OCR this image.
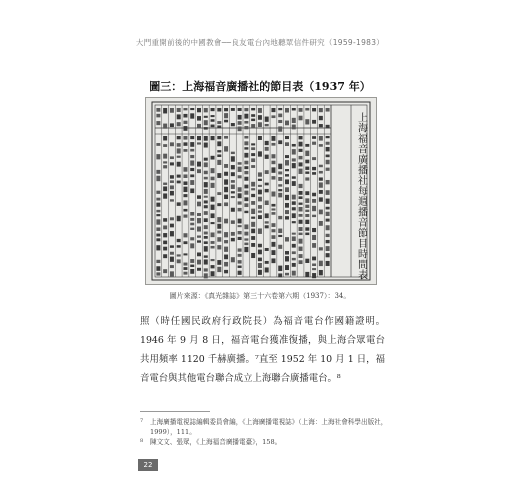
大門重開前後的中國教會──良友電台內地聽眾信件研究（1959-1983）
圖三：上海福音廣播社的節目表（1937 年）
上海福音廣播社每週播音節目時間表
圖片來源：《真光雜誌》第三十六卷第六期（1937）：34。

照（時任國民政府行政院長）為福音電台作國籍證明。1946 年 9 月 8 日，福音電台獲准復播，與上海合眾電台共用頻率 1120 千赫廣播。⁷直至 1952 年 10 月 1 日，福音電台與其他電台聯合成立上海聯合廣播電台。⁸

7	上海廣播電視誌編輯委員會編，《上海廣播電視誌》（上海：上海社會科學出版社，1999），111。
8	陳文文、張眾，《上海福音廣播電臺》，158。
22
